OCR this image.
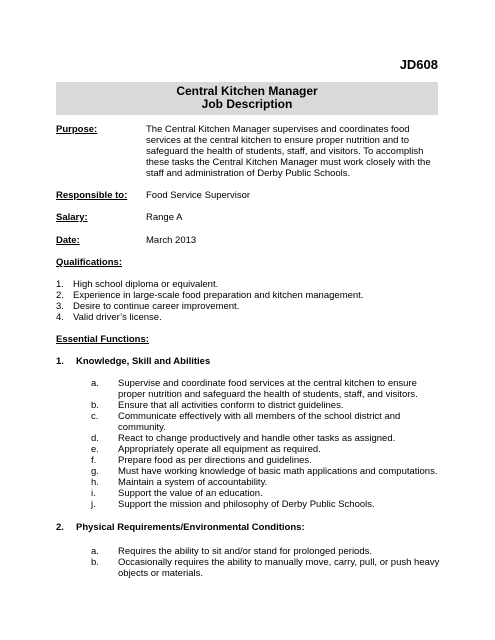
JD608
Central Kitchen Manager
Job Description
Purpose:	The Central Kitchen Manager supervises and coordinates food
services at the central kitchen to ensure proper nutrition and to
safeguard the health of students, staff, and visitors. To accomplish
these tasks the Central Kitchen Manager must work closely with the
staff and administration of Derby Public Schools.
Responsible to: Food Service Supervisor
Salary:	Range A
Date:	March 2013
Qualifications:
1. High school diploma or equivalent.
2. Experience in large-scale food preparation and kitchen management.
3. Desire to continue career improvement.
4. Valid driver’s license.
Essential Functions:
1. Knowledge, Skill and Abilities
a. Supervise and coordinate food services at the central kitchen to ensure
proper nutrition and safeguard the health of students, staff, and visitors.
b. Ensure that all activities conform to district guidelines.
c. Communicate effectively with all members of the school district and
community.
d. React to change productively and handle other tasks as assigned.
e. Appropriately operate all equipment as required.
f. Prepare food as per directions and guidelines.
g. Must have working knowledge of basic math applications and computations.
h. Maintain a system of accountability.
i. Support the value of an education.
j. Support the mission and philosophy of Derby Public Schools.
2. Physical Requirements/Environmental Conditions:
a. Requires the ability to sit and/or stand for prolonged periods.
b. Occasionally requires the ability to manually move, carry, pull, or push heavy
objects or materials.
